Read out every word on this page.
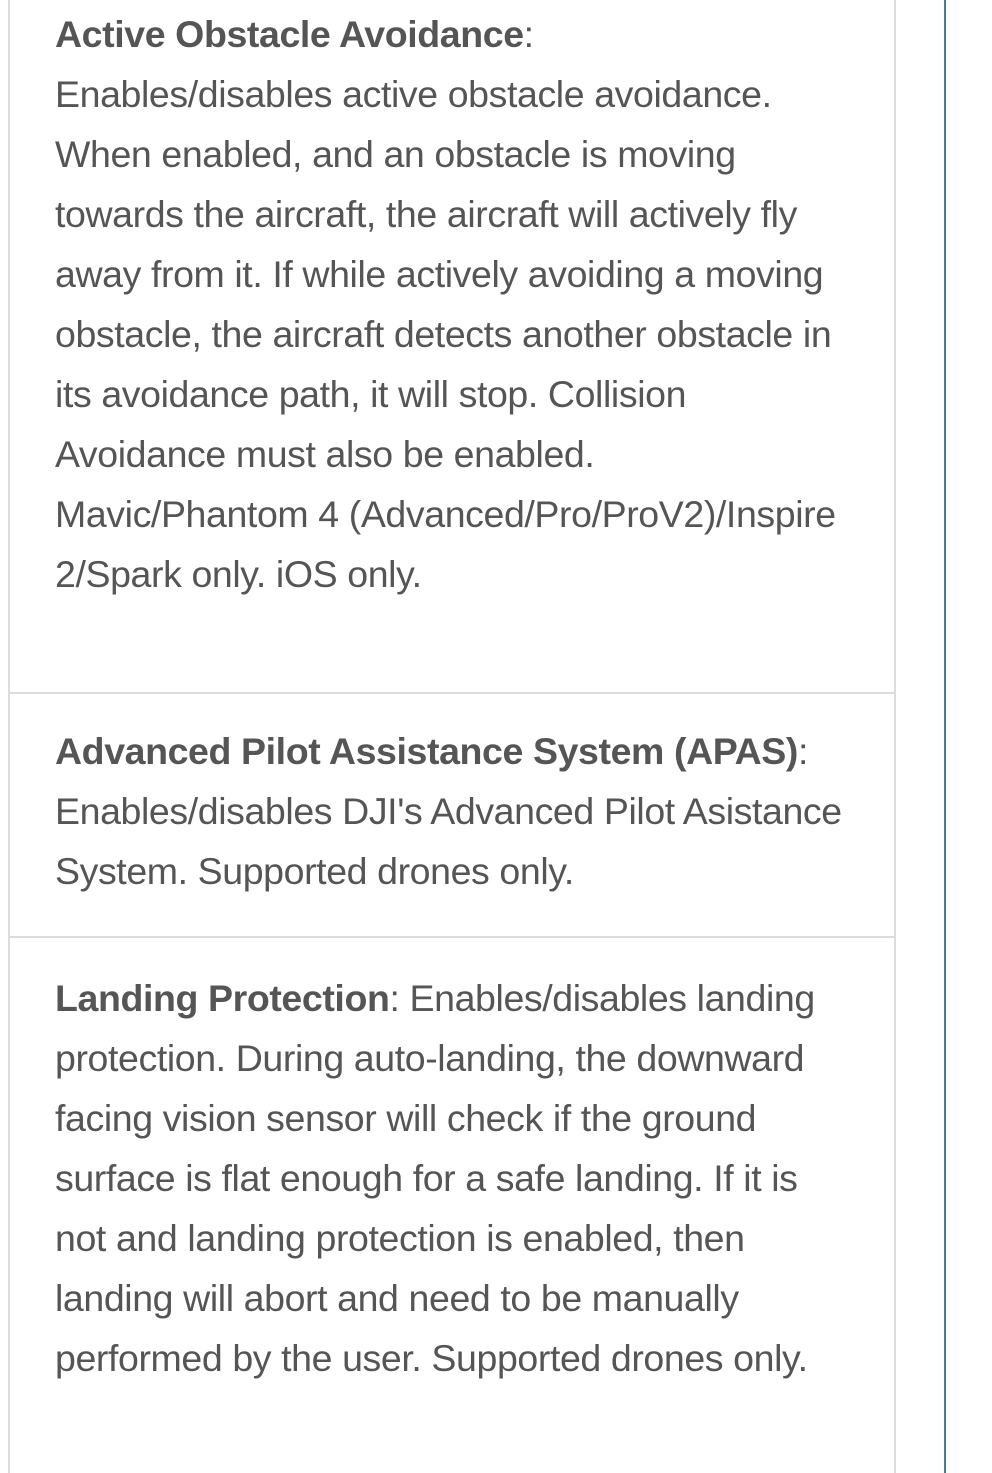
Active Obstacle Avoidance:
Enables/disables active obstacle avoidance. When enabled, and an obstacle is moving towards the aircraft, the aircraft will actively fly away from it. If while actively avoiding a moving obstacle, the aircraft detects another obstacle in its avoidance path, it will stop. Collision Avoidance must also be enabled. Mavic/Phantom 4 (Advanced/Pro/ProV2)/Inspire 2/Spark only. iOS only.

Advanced Pilot Assistance System (APAS):
Enables/disables DJI's Advanced Pilot Asistance System. Supported drones only.

Landing Protection: Enables/disables landing protection. During auto-landing, the downward facing vision sensor will check if the ground surface is flat enough for a safe landing. If it is not and landing protection is enabled, then landing will abort and need to be manually performed by the user. Supported drones only.
